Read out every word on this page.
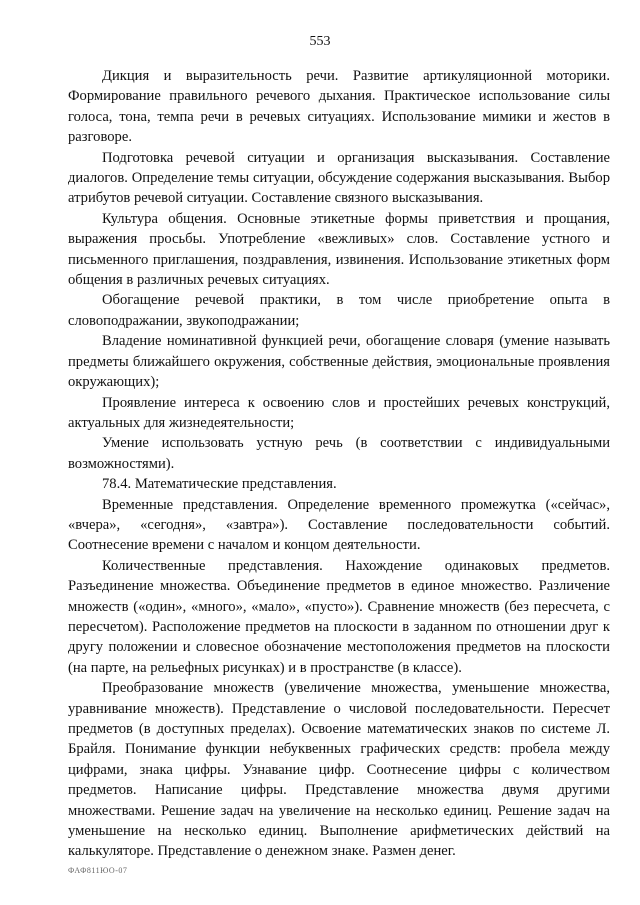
553

Дикция и выразительность речи. Развитие артикуляционной моторики. Формирование правильного речевого дыхания. Практическое использование силы голоса, тона, темпа речи в речевых ситуациях. Использование мимики и жестов в разговоре.

Подготовка речевой ситуации и организация высказывания. Составление диалогов. Определение темы ситуации, обсуждение содержания высказывания. Выбор атрибутов речевой ситуации. Составление связного высказывания.

Культура общения. Основные этикетные формы приветствия и прощания, выражения просьбы. Употребление «вежливых» слов. Составление устного и письменного приглашения, поздравления, извинения. Использование этикетных форм общения в различных речевых ситуациях.

Обогащение речевой практики, в том числе приобретение опыта в словоподражании, звукоподражании;

Владение номинативной функцией речи, обогащение словаря (умение называть предметы ближайшего окружения, собственные действия, эмоциональные проявления окружающих);

Проявление интереса к освоению слов и простейших речевых конструкций, актуальных для жизнедеятельности;

Умение использовать устную речь (в соответствии с индивидуальными возможностями).

78.4. Математические представления.

Временные представления. Определение временного промежутка («сейчас», «вчера», «сегодня», «завтра»). Составление последовательности событий. Соотнесение времени с началом и концом деятельности.

Количественные представления. Нахождение одинаковых предметов. Разъединение множества. Объединение предметов в единое множество. Различение множеств («один», «много», «мало», «пусто»). Сравнение множеств (без пересчета, с пересчетом). Расположение предметов на плоскости в заданном по отношении друг к другу положении и словесное обозначение местоположения предметов на плоскости (на парте, на рельефных рисунках) и в пространстве (в классе).

Преобразование множеств (увеличение множества, уменьшение множества, уравнивание множеств). Представление о числовой последовательности. Пересчет предметов (в доступных пределах). Освоение математических знаков по системе Л. Брайля. Понимание функции небуквенных графических средств: пробела между цифрами, знака цифры. Узнавание цифр. Соотнесение цифры с количеством предметов. Написание цифры. Представление множества двумя другими множествами. Решение задач на увеличение на несколько единиц. Решение задач на уменьшение на несколько единиц. Выполнение арифметических действий на калькуляторе. Представление о денежном знаке. Размен денег.

ФАФ811ЮО-07
